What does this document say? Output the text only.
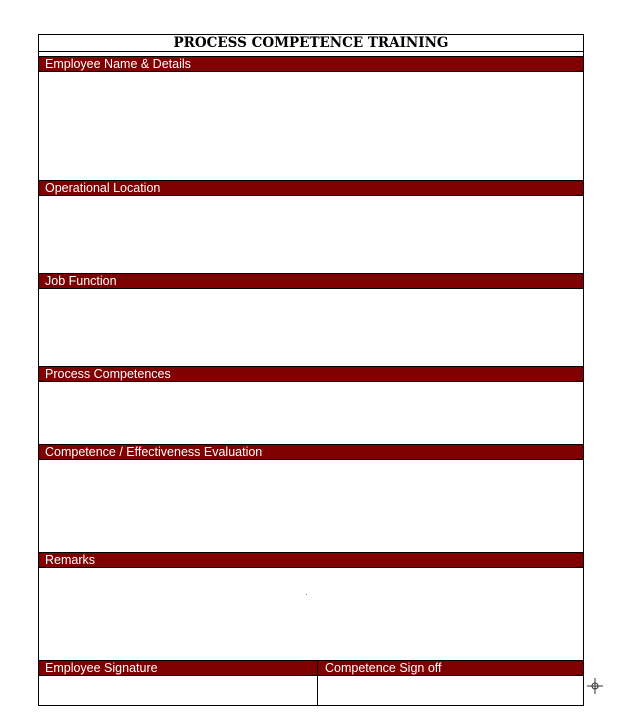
PROCESS COMPETENCE TRAINING
Employee Name & Details
Operational Location
Job Function
Process Competences
Competence / Effectiveness Evaluation
Remarks
Employee Signature	Competence Sign off
